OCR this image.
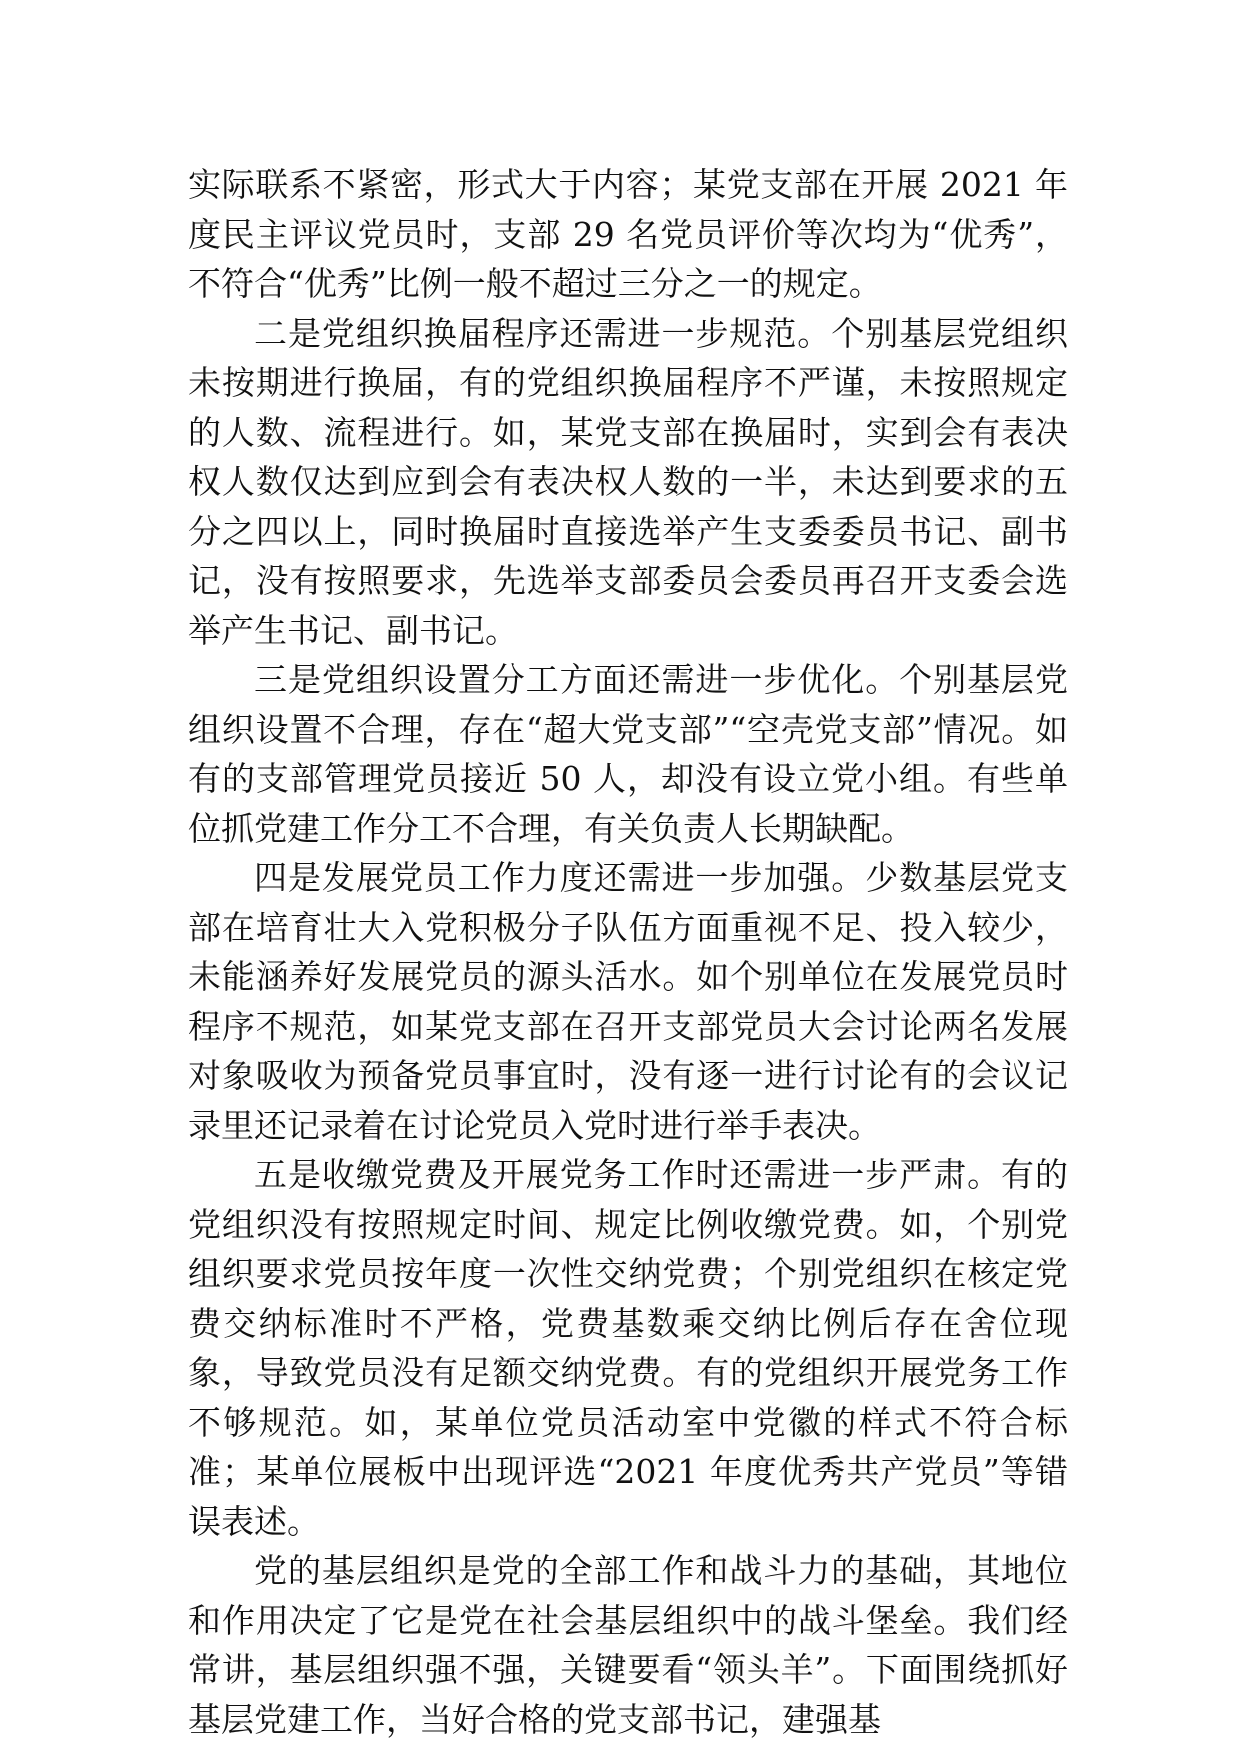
实际联系不紧密，形式大于内容；某党支部在开展 2021 年度民主评议党员时，支部 29 名党员评价等次均为“优秀”，不符合“优秀”比例一般不超过三分之一的规定。

二是党组织换届程序还需进一步规范。个别基层党组织未按期进行换届，有的党组织换届程序不严谨，未按照规定的人数、流程进行。如，某党支部在换届时，实到会有表决权人数仅达到应到会有表决权人数的一半，未达到要求的五分之四以上，同时换届时直接选举产生支委委员书记、副书记，没有按照要求，先选举支部委员会委员再召开支委会选举产生书记、副书记。

三是党组织设置分工方面还需进一步优化。个别基层党组织设置不合理，存在“超大党支部”“空壳党支部”情况。如有的支部管理党员接近 50 人，却没有设立党小组。有些单位抓党建工作分工不合理，有关负责人长期缺配。

四是发展党员工作力度还需进一步加强。少数基层党支部在培育壮大入党积极分子队伍方面重视不足、投入较少，未能涵养好发展党员的源头活水。如个别单位在发展党员时程序不规范，如某党支部在召开支部党员大会讨论两名发展对象吸收为预备党员事宜时，没有逐一进行讨论有的会议记录里还记录着在讨论党员入党时进行举手表决。

五是收缴党费及开展党务工作时还需进一步严肃。有的党组织没有按照规定时间、规定比例收缴党费。如，个别党组织要求党员按年度一次性交纳党费；个别党组织在核定党费交纳标准时不严格，党费基数乘交纳比例后存在舍位现象，导致党员没有足额交纳党费。有的党组织开展党务工作不够规范。如，某单位党员活动室中党徽的样式不符合标准；某单位展板中出现评选“2021 年度优秀共产党员”等错误表述。

党的基层组织是党的全部工作和战斗力的基础，其地位和作用决定了它是党在社会基层组织中的战斗堡垒。我们经常讲，基层组织强不强，关键要看“领头羊”。下面围绕抓好基层党建工作，当好合格的党支部书记，建强基
